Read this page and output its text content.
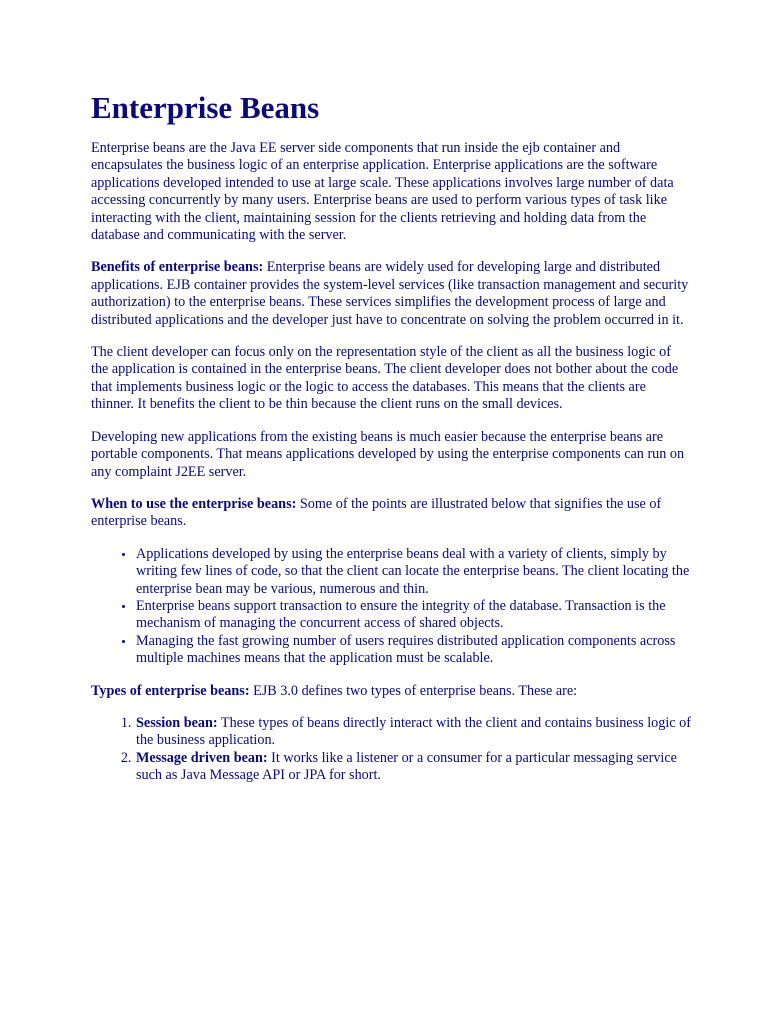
Enterprise Beans

Enterprise beans are the Java EE server side components that run inside the ejb container and encapsulates the business logic of an enterprise application. Enterprise applications are the software applications developed intended to use at large scale. These applications involves large number of data accessing concurrently by many users. Enterprise beans are used to perform various types of task like interacting with the client, maintaining session for the clients retrieving and holding data from the database and communicating with the server.

Benefits of enterprise beans: Enterprise beans are widely used for developing large and distributed applications. EJB container provides the system-level services (like transaction management and security authorization) to the enterprise beans. These services simplifies the development process of large and distributed applications and the developer just have to concentrate on solving the problem occurred in it.

The client developer can focus only on the representation style of the client as all the business logic of the application is contained in the enterprise beans. The client developer does not bother about the code that implements business logic or the logic to access the databases. This means that the clients are thinner. It benefits the client to be thin because the client runs on the small devices.

Developing new applications from the existing beans is much easier because the enterprise beans are portable components. That means applications developed by using the enterprise components can run on any complaint J2EE server.

When to use the enterprise beans: Some of the points are illustrated below that signifies the use of enterprise beans.

• Applications developed by using the enterprise beans deal with a variety of clients, simply by writing few lines of code, so that the client can locate the enterprise beans. The client locating the enterprise bean may be various, numerous and thin.
• Enterprise beans support transaction to ensure the integrity of the database. Transaction is the mechanism of managing the concurrent access of shared objects.
• Managing the fast growing number of users requires distributed application components across multiple machines means that the application must be scalable.

Types of enterprise beans: EJB 3.0 defines two types of enterprise beans. These are:

1. Session bean: These types of beans directly interact with the client and contains business logic of the business application.
2. Message driven bean: It works like a listener or a consumer for a particular messaging service such as Java Message API or JPA for short.
